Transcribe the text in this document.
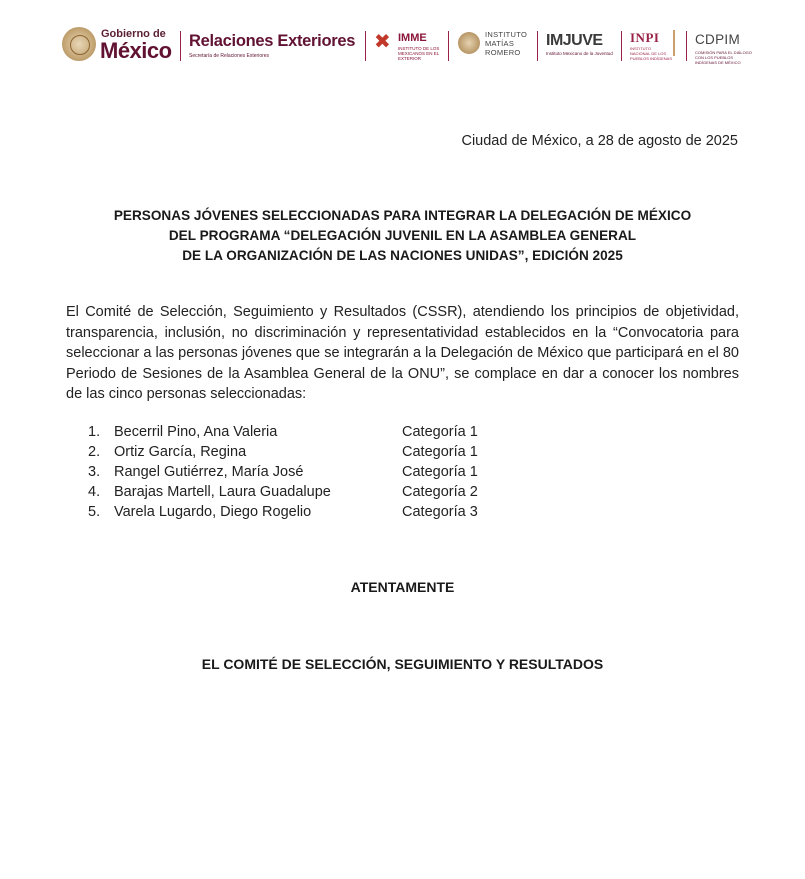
Gobierno de
México Relaciones Exteriores
Secretaría de Relaciones Exteriores
✖ IMME
INSTITUTO DE LOS MEXICANOS EN EL EXTERIOR
INSTITUTO
MATÍAS
ROMERO
IMJUVE
Instituto Mexicano de la Juventud
INPI
INSTITUTO NACIONAL DE LOS PUEBLOS INDÍGENAS
CDPIM
COMISIÓN PARA EL DIÁLOGO CON LOS PUEBLOS INDÍGENAS DE MÉXICO
Ciudad de México, a 28 de agosto de 2025
PERSONAS JÓVENES SELECCIONADAS PARA INTEGRAR LA DELEGACIÓN DE MÉXICO
DEL PROGRAMA “DELEGACIÓN JUVENIL EN LA ASAMBLEA GENERAL
DE LA ORGANIZACIÓN DE LAS NACIONES UNIDAS”, EDICIÓN 2025

El Comité de Selección, Seguimiento y Resultados (CSSR), atendiendo los principios de objetividad, transparencia, inclusión, no discriminación y representatividad establecidos en la “Convocatoria para seleccionar a las personas jóvenes que se integrarán a la Delegación de México que participará en el 80 Periodo de Sesiones de la Asamblea General de la ONU”, se complace en dar a conocer los nombres de las cinco personas seleccionadas:

1. Becerril Pino, Ana Valeria	Categoría 1
2. Ortiz García, Regina	Categoría 1
3. Rangel Gutiérrez, María José	Categoría 1
4. Barajas Martell, Laura Guadalupe	Categoría 2
5. Varela Lugardo, Diego Rogelio	Categoría 3
ATENTAMENTE
EL COMITÉ DE SELECCIÓN, SEGUIMIENTO Y RESULTADOS
